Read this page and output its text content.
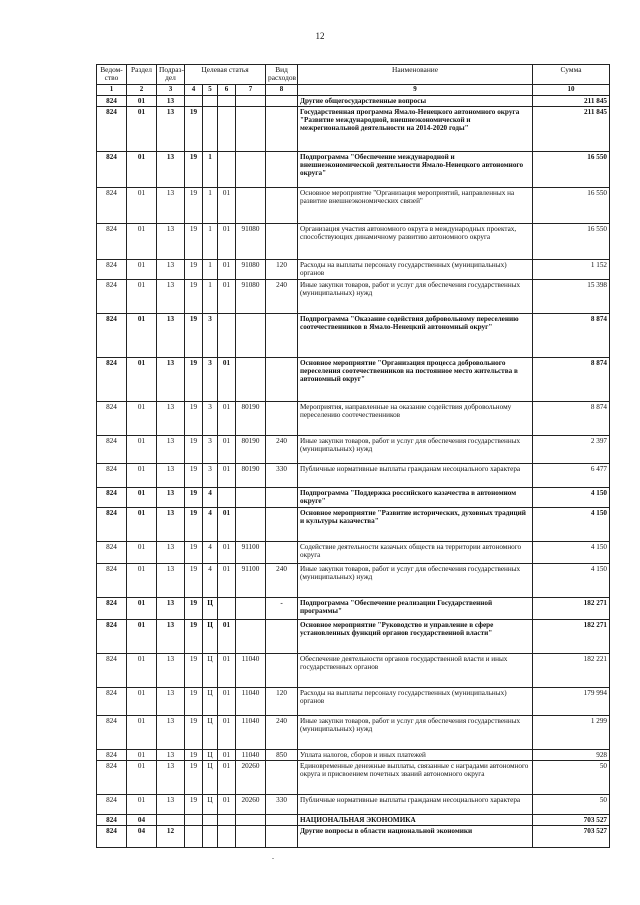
12
Ведом-ство	Раздел	Подраз-дел	Целевая статья				Вид расходов	Наименование	Сумма
1	2	3	4	5	6	7	8	9	10
824	01	13						Другие общегосударственные вопросы	211 845
824	01	13	19					Государственная программа Ямало-Ненецкого автономного округа "Развитие международной, внешнеэкономической и межрегиональной деятельности на 2014-2020 годы"	211 845
824	01	13	19	1				Подпрограмма "Обеспечение международной и внешнеэкономической деятельности Ямало-Ненецкого автономного округа"	16 550
824	01	13	19	1	01			Основное мероприятие "Организация мероприятий, направленных на развитие внешнеэкономических связей"	16 550
824	01	13	19	1	01	91080		Организация участия автономного округа в международных проектах, способствующих динамичному развитию автономного округа	16 550
824	01	13	19	1	01	91080	120	Расходы на выплаты персоналу государственных (муниципальных) органов	1 152
824	01	13	19	1	01	91080	240	Иные закупки товаров, работ и услуг для обеспечения государственных (муниципальных) нужд	15 398
824	01	13	19	3				Подпрограмма "Оказание содействия добровольному переселению соотечественников в Ямало-Ненецкий автономный округ"	8 874
824	01	13	19	3	01			Основное мероприятие "Организация процесса добровольного переселения соотечественников на постоянное место жительства в автономный округ"	8 874
824	01	13	19	3	01	80190		Мероприятия, направленные на оказание содействия добровольному переселению соотечественников	8 874
824	01	13	19	3	01	80190	240	Иные закупки товаров, работ и услуг для обеспечения государственных (муниципальных) нужд	2 397
824	01	13	19	3	01	80190	330	Публичные нормативные выплаты гражданам несоциального характера	6 477
824	01	13	19	4				Подпрограмма "Поддержка российского казачества в автономном округе"	4 150
824	01	13	19	4	01			Основное мероприятие "Развитие исторических, духовных традиций и культуры казачества"	4 150
824	01	13	19	4	01	91100		Содействие деятельности казачьих обществ на территории автономного округа	4 150
824	01	13	19	4	01	91100	240	Иные закупки товаров, работ и услуг для обеспечения государственных (муниципальных) нужд	4 150
824	01	13	19	Ц			-	Подпрограмма "Обеспечение реализации Государственной программы"	182 271
824	01	13	19	Ц	01			Основное мероприятие "Руководство и управление в сфере установленных функций органов государственной власти"	182 271
824	01	13	19	Ц	01	11040		Обеспечение деятельности органов государственной власти и иных государственных органов	182 221
824	01	13	19	Ц	01	11040	120	Расходы на выплаты персоналу государственных (муниципальных) органов	179 994
824	01	13	19	Ц	01	11040	240	Иные закупки товаров, работ и услуг для обеспечения государственных (муниципальных) нужд	1 299
824	01	13	19	Ц	01	11040	850	Уплата налогов, сборов и иных платежей	928
824	01	13	19	Ц	01	20260		Единовременные денежные выплаты, связанные с наградами автономного округа и присвоением почетных званий автономного округа	50
824	01	13	19	Ц	01	20260	330	Публичные нормативные выплаты гражданам несоциального характера	50
824	04							НАЦИОНАЛЬНАЯ ЭКОНОМИКА	703 527
824	04	12						Другие вопросы в области национальной экономики	703 527
.
